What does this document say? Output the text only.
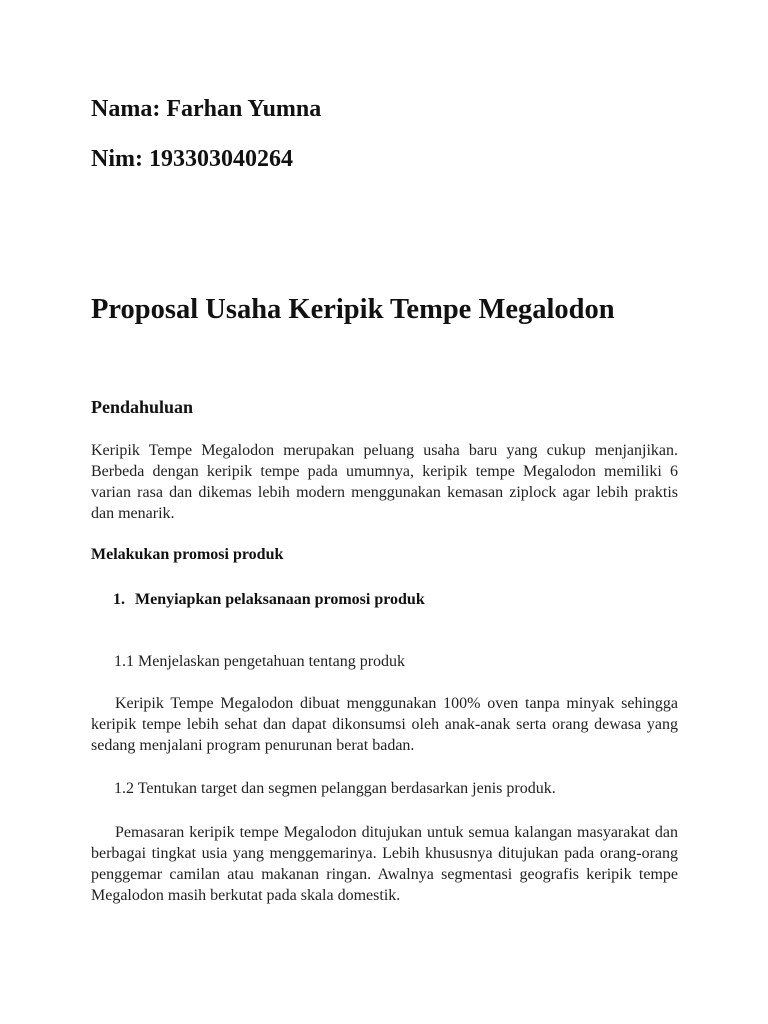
Nama: Farhan Yumna

Nim: 193303040264

Proposal Usaha Keripik Tempe Megalodon
Pendahuluan

Keripik Tempe Megalodon merupakan peluang usaha baru yang cukup menjanjikan. Berbeda dengan keripik tempe pada umumnya, keripik tempe Megalodon memiliki 6 varian rasa dan dikemas lebih modern menggunakan kemasan ziplock agar lebih praktis dan menarik.

Melakukan promosi produk
1. Menyiapkan pelaksanaan promosi produk

1.1 Menjelaskan pengetahuan tentang produk

Keripik Tempe Megalodon dibuat menggunakan 100% oven tanpa minyak sehingga keripik tempe lebih sehat dan dapat dikonsumsi oleh anak-anak serta orang dewasa yang sedang menjalani program penurunan berat badan.

1.2 Tentukan target dan segmen pelanggan berdasarkan jenis produk.

Pemasaran keripik tempe Megalodon ditujukan untuk semua kalangan masyarakat dan berbagai tingkat usia yang menggemarinya. Lebih khususnya ditujukan pada orang-orang penggemar camilan atau makanan ringan. Awalnya segmentasi geografis keripik tempe Megalodon masih berkutat pada skala domestik.
